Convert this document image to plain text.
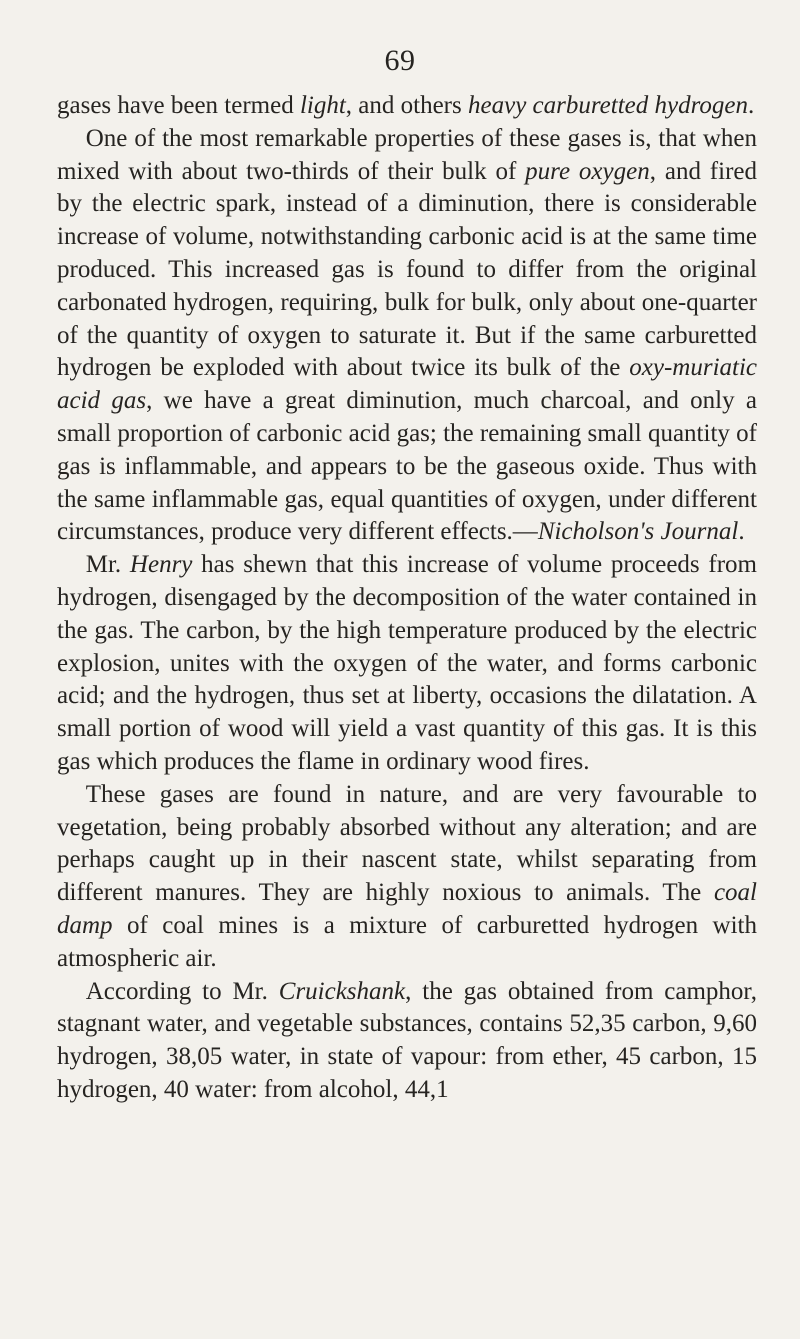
69

gases have been termed light, and others heavy carburetted hydrogen.

One of the most remarkable properties of these gases is, that when mixed with about two-thirds of their bulk of pure oxygen, and fired by the electric spark, instead of a diminution, there is considerable increase of volume, notwithstanding carbonic acid is at the same time produced. This increased gas is found to differ from the original carbonated hydrogen, requiring, bulk for bulk, only about one-quarter of the quantity of oxygen to saturate it. But if the same carburetted hydrogen be exploded with about twice its bulk of the oxy-muriatic acid gas, we have a great diminution, much charcoal, and only a small proportion of carbonic acid gas; the remaining small quantity of gas is inflammable, and appears to be the gaseous oxide. Thus with the same inflammable gas, equal quantities of oxygen, under different circumstances, produce very different effects.—Nicholson's Journal.

Mr. Henry has shewn that this increase of volume proceeds from hydrogen, disengaged by the decomposition of the water contained in the gas. The carbon, by the high temperature produced by the electric explosion, unites with the oxygen of the water, and forms carbonic acid; and the hydrogen, thus set at liberty, occasions the dilatation. A small portion of wood will yield a vast quantity of this gas. It is this gas which produces the flame in ordinary wood fires.

These gases are found in nature, and are very favourable to vegetation, being probably absorbed without any alteration; and are perhaps caught up in their nascent state, whilst separating from different manures. They are highly noxious to animals. The coal damp of coal mines is a mixture of carburetted hydrogen with atmospheric air.

According to Mr. Cruickshank, the gas obtained from camphor, stagnant water, and vegetable substances, contains 52,35 carbon, 9,60 hydrogen, 38,05 water, in state of vapour: from ether, 45 carbon, 15 hydrogen, 40 water: from alcohol, 44,1
